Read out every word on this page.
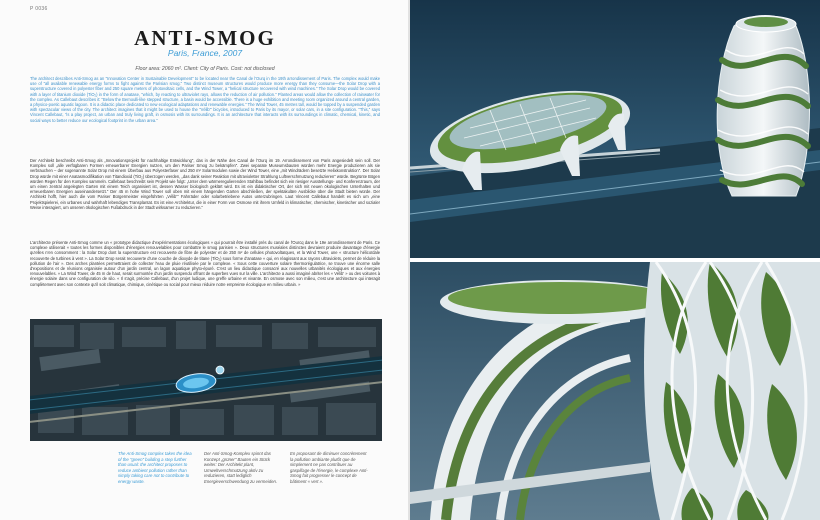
P 0036
ANTI-SMOG
Paris, France, 2007
Floor area: 2060 m². Client: City of Paris. Cost: not disclosed

The architect describes Anti-Smog as an "Innovation Center in Sustainable Development" to be located near the Canal de l'Ourq in the 19th arrondissement of Paris. The complex would make use of "all available renewable energy forms to fight against the Parisian smog." Two distinct museum structures would produce more energy than they consume—the Solar Drop with a superstructure covered in polyester fiber and 250 square meters of photovoltaic cells, and the Wind Tower, a "helical structure recovered with wind machines." The Solar Drop would be covered with a layer of titanium dioxide (TiO₂) in the form of anatase, "which, by reacting to ultraviolet rays, allows the reduction of air pollution." Planted areas would allow the collection of rainwater for the complex. As Callebaut describes it: "Below the Bernoulli-like stepped structure, a basin would be accessible. There is a huge exhibition and meeting room organized around a central garden, a physico-poetic aquatic lagoon. It is a didactic place dedicated to new ecological adaptations and renewable energies." The Wind Tower, 45 metres tall, would be topped by a suspended garden with spectacular views of the city. The architect imagines that it might be used to house the "Vélib'" bicycles, introduced to Paris by its mayor, or solar cars, in a site configuration. "This," says Vincent Callebaut, "is a play project, an urban and truly living graft, in osmosis with its surroundings. It is an architecture that interacts with its surroundings in climatic, chemical, kinetic, and social ways to better reduce our ecological footprint in the urban area."

Der Architekt beschreibt Anti-Smog als „Innovationsprojekt für nachhaltige Entwicklung", das in der Nähe des Canal de l'Ourq im 19. Arrondissement von Paris angesiedelt sein soll. Der Komplex soll „alle verfügbaren Formen erneuerbarer Energien nutzen, um den Pariser Smog zu bekämpfen". Zwei separate Museumsbauten würden mehr Energie produzieren als sie verbrauchen – der sogenannte Solar Drop mit einem Überbau aus Polyesterfaser und 250 m² Solarmodulen sowie der Wind Tower, eine „mit Windrädern besetzte Helixkonstruktion". Der Solar Drop würde mit einer Anatasmodifikation von Titandioxid (TiO₂) überzogen werden, „das dank seiner Reaktion mit ultravioletter Strahlung Luftverschmutzung reduzieren" würde. Begrünte Bögen würden Regen für den Komplex sammeln. Callebaut beschreibt sein Projekt wie folgt: „Unter dem wärmeregulierenden Stahlbau befindet sich ein riesiger Ausstellungs- und Konferenzraum, der um einen zentral angelegten Garten mit einem Teich organisiert ist, dessen Wasser biologisch geklärt wird. Es ist ein didaktischer Ort, der sich mit neuen ökologischen Unterhalten und erneuerbaren Energien auseinandersetzt." Der 45 m hohe Wind Tower soll oben mit einem hängenden Garten abschließen, der spektakuläre Ausblicke über die Stadt bieten würde. Der Architekt hofft, hier auch die vom Pariser Bürgermeister eingeführten „Vélib'" Fahrräder oder solarbetriebene Autos unterzubringen. Laut Vincent Callebaut handelt es sich um „eine Projektspielerei, ein urbanes und wahrhaft lebendiges Transplantat. Es ist eine Architektur, die in einer Form von Osmose mit ihrem Umfeld in klimatischer, chemischer, kinetischer und sozialer Weise interagiert, um unseren ökologischen Fußabdruck in der Stadt wirksamer zu reduzieren."

L'architecte présente Anti-Smog comme un « prototype didactique d'expérimentations écologiques » qui pourrait être installé près du canal de l'Ourcq dans le 19e arrondissement de Paris. Ce complexe utiliserait « toutes les formes disponibles d'énergies renouvelables pour combattre le smog parisien ». Deux structures muséales distinctes devraient produire davantage d'énergie qu'elles n'en consomment : la Solar Drop dont la superstructure est recouverte de fibre de polyester et de 250 m² de cellules photovoltaïques, et la Wind Tower, une « structure hélicoïdale recouverte de turbines à vent ». La Solar Drop serait recouverte d'une couche de dioxyde de titane (TiO₂) sous forme d'anatase « qui, en réagissant aux rayons ultraviolets, permet de réduire la pollution de l'air ». Des arches plantées permettraient de collecter l'eau de pluie réutilisée par le complexe. « Sous cette couverture solaire thermorégulatrice, se trouve une énorme salle d'expositions et de réunions organisée autour d'un jardin central, un lagon aquatique phyto-épuré. C'est un lieu didactique consacré aux nouvelles urbanités écologiques et aux énergies renouvelables. » La Wind Tower, de 45 m de haut, serait surmontée d'un jardin suspendu offrant de superbes vues sur la ville. L'architecte a aussi imaginé abriter les « Vélib' » ou des voitures à énergie solaire dans une configuration de silo. « Il s'agit, précise Callebaut, d'un projet ludique, une greffe urbaine et vivante. En osmose avec son milieu, c'est une architecture qui interagit complètement avec son contexte qu'il soit climatique, chimique, cinétique ou social pour mieux réduire notre empreinte écologique en milieu urbain. »

The Anti-Smog complex takes the idea of the "green" building a step further than usual: the architect proposes to reduce ambient pollution rather than simply taking care not to contribute to energy waste.

Der Anti-Smog-Komplex spinnt das Konzept „grüner" Bauten ein Stück weiter: Der Architekt plant, Umweltverschmutzung aktiv zu reduzieren, statt lediglich Energieverschwendung zu vermeiden.

En proposant de diminuer concrètement la pollution ambiante plutôt que de simplement ne pas contribuer au gaspillage de l'énergie, le complexe Anti-Smog fait progresser le concept de bâtiment « vert ».
